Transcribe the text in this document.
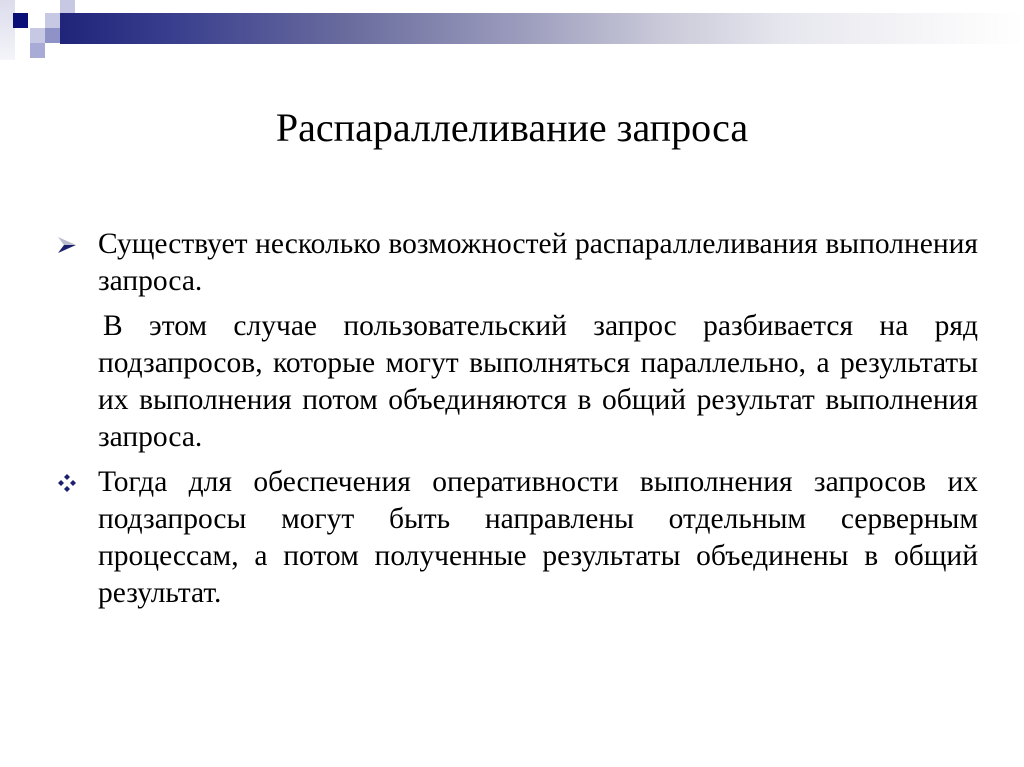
Распараллеливание запроса

Существует несколько возможностей распараллеливания выполнения запроса.

В этом случае пользовательский запрос разбивается на ряд подзапросов, которые могут выполняться параллельно, а результаты их выполнения потом объединяются в общий результат выполнения запроса.

Тогда для обеспечения оперативности выполнения запросов их подзапросы могут быть направлены отдельным серверным процессам, а потом полученные результаты объединены в общий результат.
